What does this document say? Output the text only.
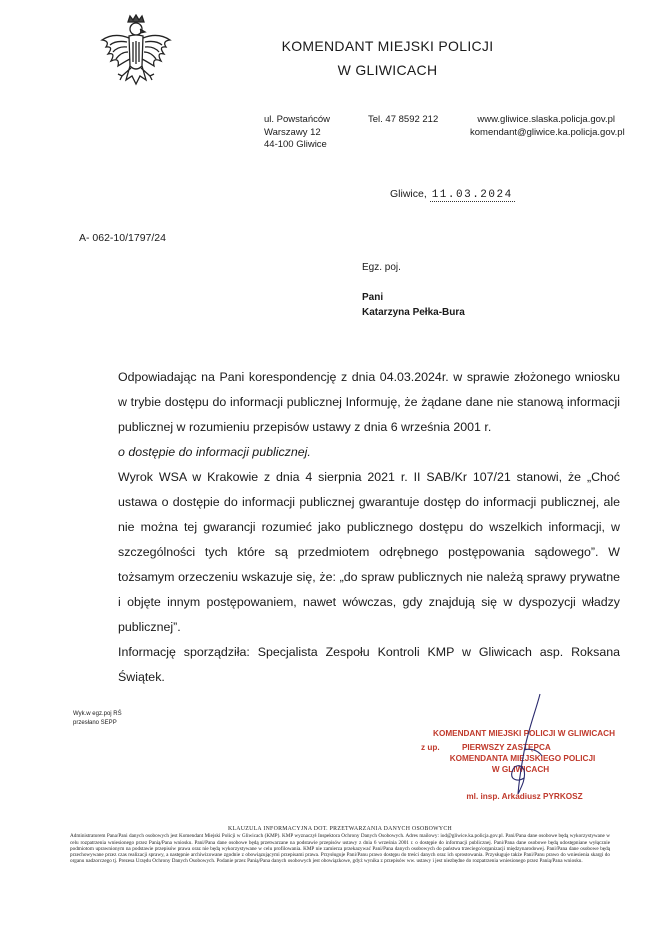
KOMENDANT MIEJSKI POLICJI
W GLIWICACH
ul. Powstańców
Warszawy 12
44-100 Gliwice
Tel. 47 8592 212	www.gliwice.slaska.policja.gov.pl
komendant@gliwice.ka.policja.gov.pl
Gliwice, 11.03.2024
A- 062-10/1797/24
Egz. poj.
Pani
Katarzyna Pełka-Bura

Odpowiadając na Pani korespondencję z dnia 04.03.2024r. w sprawie złożonego wniosku w trybie dostępu do informacji publicznej Informuję, że żądane dane nie stanową informacji publicznej w rozumieniu przepisów ustawy z dnia 6 września 2001 r.
o dostępie do informacji publicznej.

Wyrok WSA w Krakowie z dnia 4 sierpnia 2021 r. II SAB/Kr 107/21 stanowi, że „Choć ustawa o dostępie do informacji publicznej gwarantuje dostęp do informacji publicznej, ale nie można tej gwarancji rozumieć jako publicznego dostępu do wszelkich informacji, w szczególności tych które są przedmiotem odrębnego postępowania sądowego”. W tożsamym orzeczeniu wskazuje się, że: „do spraw publicznych nie należą sprawy prywatne i objęte innym postępowaniem, nawet wówczas, gdy znajdują się w dyspozycji władzy publicznej”.

Informację sporządziła: Specjalista Zespołu Kontroli KMP w Gliwicach asp. Roksana Świątek.

Wyk.w egz.poj RŚ
przesłano SEPP
KOMENDANT MIEJSKI POLICJI W GLIWICACH
z up.	PIERWSZY ZASTĘPCA
KOMENDANTA MIEJSKIEGO POLICJI
W GLIWICACH
ml. insp. Arkadiusz PYRKOSZ
KLAUZULA INFORMACYJNA DOT. PRZETWARZANIA DANYCH OSOBOWYCH
Administratorem Pana/Pani danych osobowych jest Komendant Miejski Policji w Gliwicach (KMP). KMP wyznaczył Inspektora Ochrony Danych Osobowych. Adres mailowy: iod@gliwice.ka.policja.gov.pl. Pani/Pana dane osobowe będą wykorzystywane w celu rozpatrzenia wniesionego przez Panią/Pana wniosku. Pani/Pana dane osobowe będą przetwarzane na podstawie przepisów ustawy z dnia 6 września 2001 r. o dostępie do informacji publicznej. Pani/Pana dane osobowe będą udostępniane wyłącznie podmiotom uprawnionym na podstawie przepisów prawa oraz nie będą wykorzystywane w celu profilowania. KMP nie zamierza przekazywać Pani/Pana danych osobowych do państwa trzeciego/organizacji międzynarodowej. Pani/Pana dane osobowe będą przechowywane przez czas realizacji sprawy, a następnie archiwizowane zgodnie z obowiązującymi przepisami prawa. Przysługuje Pani/Panu prawo dostępu do treści danych oraz ich sprostowania. Przysługuje także Pani/Panu prawo do wniesienia skargi do organu nadzorczego tj. Prezesa Urzędu Ochrony Danych Osobowych. Podanie przez Panią/Pana danych osobowych jest obowiązkowe, gdyż wynika z przepisów ww. ustawy i jest niezbędne do rozpatrzenia wniesionego przez Panią/Pana wniosku.
